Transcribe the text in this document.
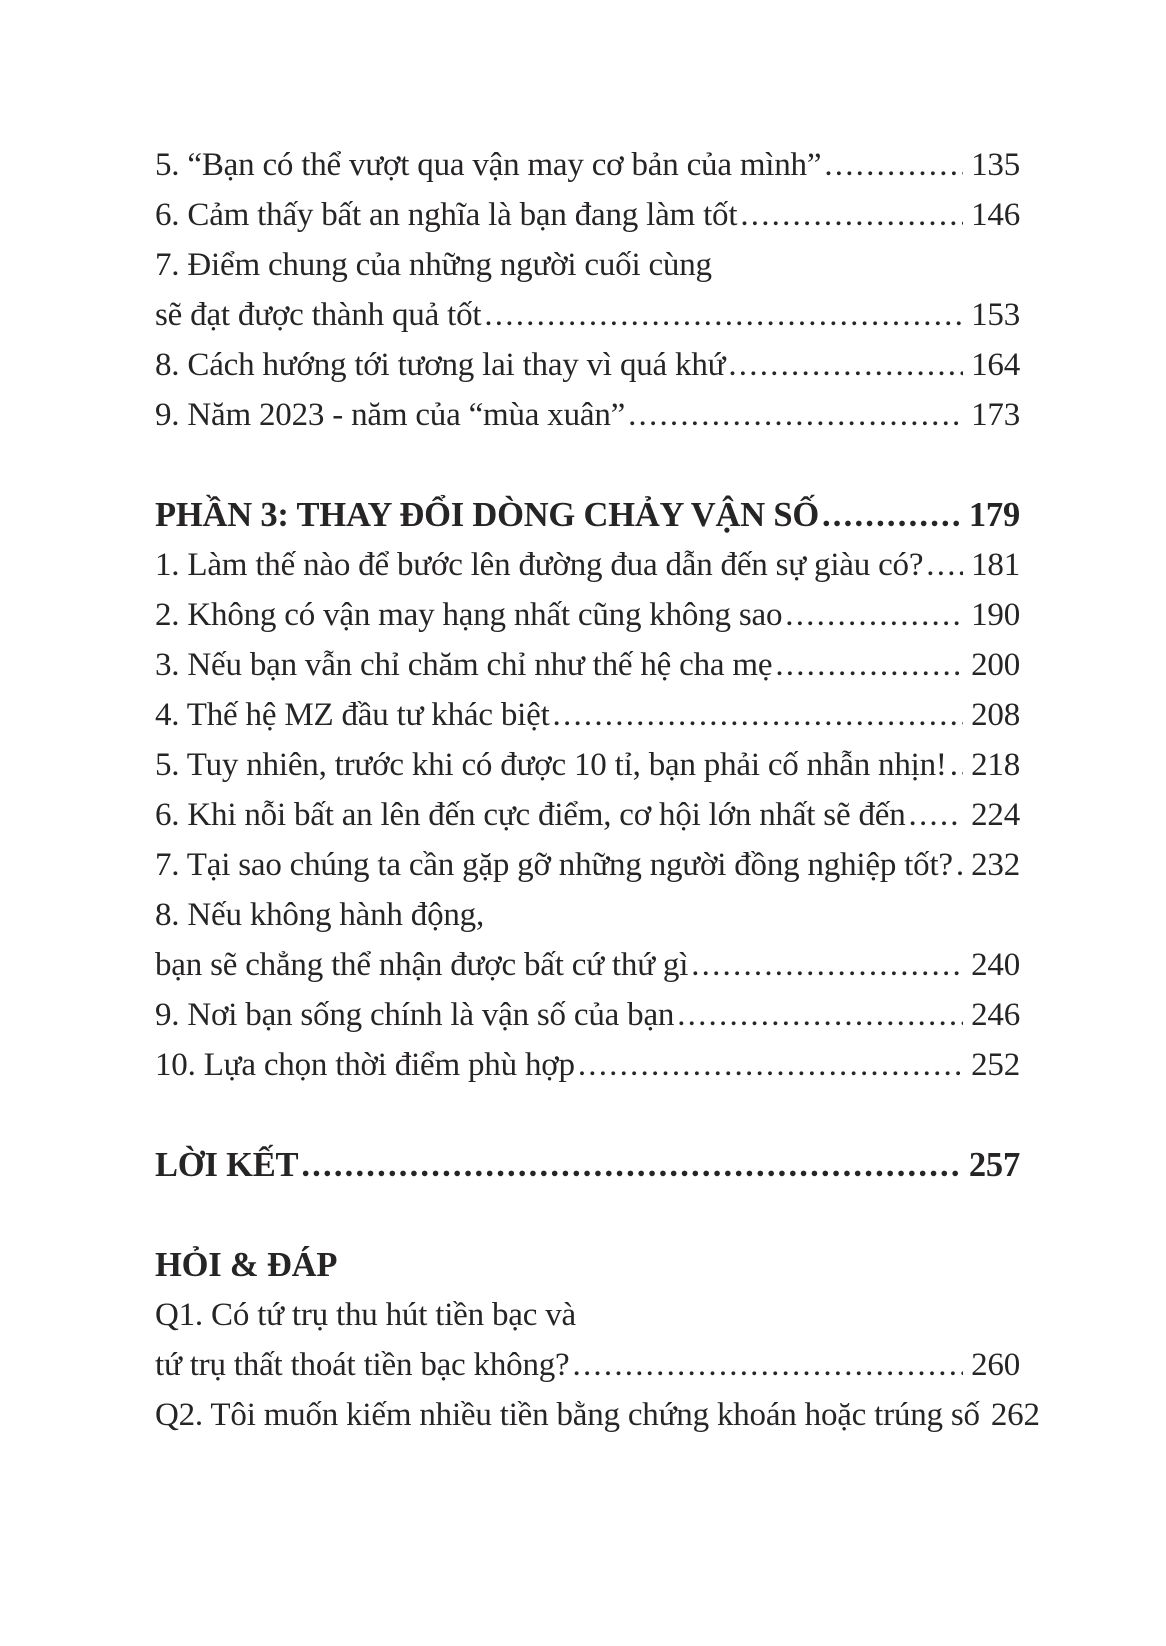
5. “Bạn có thể vượt qua vận may cơ bản của mình” .....	135
6. Cảm thấy bất an nghĩa là bạn đang làm tốt .....	146
7. Điểm chung của những người cuối cùng
sẽ đạt được thành quả tốt .....	153
8. Cách hướng tới tương lai thay vì quá khứ .....	164
9. Năm 2023 - năm của “mùa xuân” .....	173
PHẦN 3: THAY ĐỔI DÒNG CHẢY VẬN SỐ .....	179
1. Làm thế nào để bước lên đường đua dẫn đến sự giàu có? ..... 181
2. Không có vận may hạng nhất cũng không sao .....	190
3. Nếu bạn vẫn chỉ chăm chỉ như thế hệ cha mẹ .....	200
4. Thế hệ MZ đầu tư khác biệt .....	208
5. Tuy nhiên, trước khi có được 10 tỉ, bạn phải cố nhẫn nhịn! ..... 218
6. Khi nỗi bất an lên đến cực điểm, cơ hội lớn nhất sẽ đến ..... 224
7. Tại sao chúng ta cần gặp gỡ những người đồng nghiệp tốt? ..... 232
8. Nếu không hành động,
bạn sẽ chẳng thể nhận được bất cứ thứ gì .....	240
9. Nơi bạn sống chính là vận số của bạn .....	246
10. Lựa chọn thời điểm phù hợp .....	252
LỜI KẾT .....	257
HỎI & ĐÁP
Q1. Có tứ trụ thu hút tiền bạc và
tứ trụ thất thoát tiền bạc không? .....	260
Q2. Tôi muốn kiếm nhiều tiền bằng chứng khoán hoặc trúng số 262
